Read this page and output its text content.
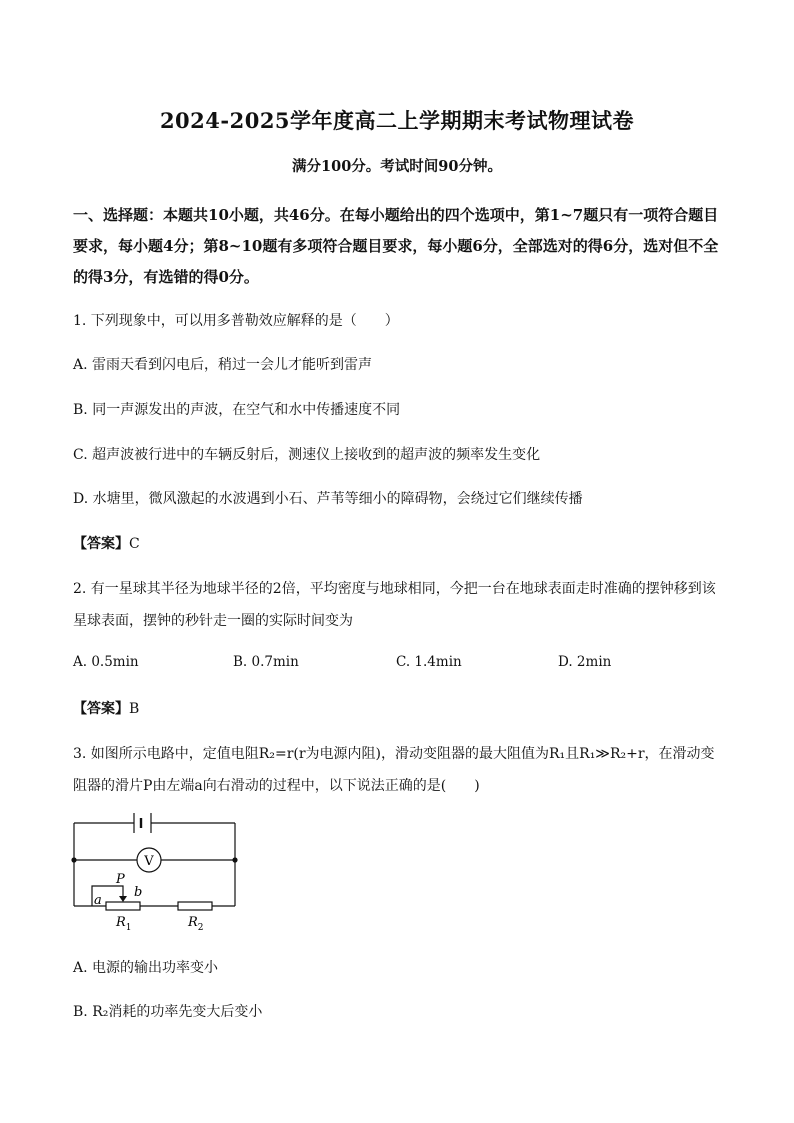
2024-2025学年度高二上学期期末考试物理试卷
满分100分。考试时间90分钟。
一、选择题：本题共10小题，共46分。在每小题给出的四个选项中，第1~7题只有一项符合题目要求，每小题4分；第8~10题有多项符合题目要求，每小题6分，全部选对的得6分，选对但不全的得3分，有选错的得0分。
1. 下列现象中，可以用多普勒效应解释的是（　　）
A. 雷雨天看到闪电后，稍过一会儿才能听到雷声
B. 同一声源发出的声波，在空气和水中传播速度不同
C. 超声波被行进中的车辆反射后，测速仪上接收到的超声波的频率发生变化
D. 水塘里，微风激起的水波遇到小石、芦苇等细小的障碍物，会绕过它们继续传播
【答案】C
2. 有一星球其半径为地球半径的2倍，平均密度与地球相同，今把一台在地球表面走时准确的摆钟移到该
星球表面，摆钟的秒针走一圈的实际时间变为
A. 0.5min	B. 0.7min	C. 1.4min	D. 2min
【答案】B
3. 如图所示电路中，定值电阻R₂=r(r为电源内阻)，滑动变阻器的最大阻值为R₁且R₁≫R₂+r，在滑动变
阻器的滑片P由左端a向右滑动的过程中，以下说法正确的是(　　)
V
P
a
b
$R_1$	$R_2$
A. 电源的输出功率变小
B. R₂消耗的功率先变大后变小
